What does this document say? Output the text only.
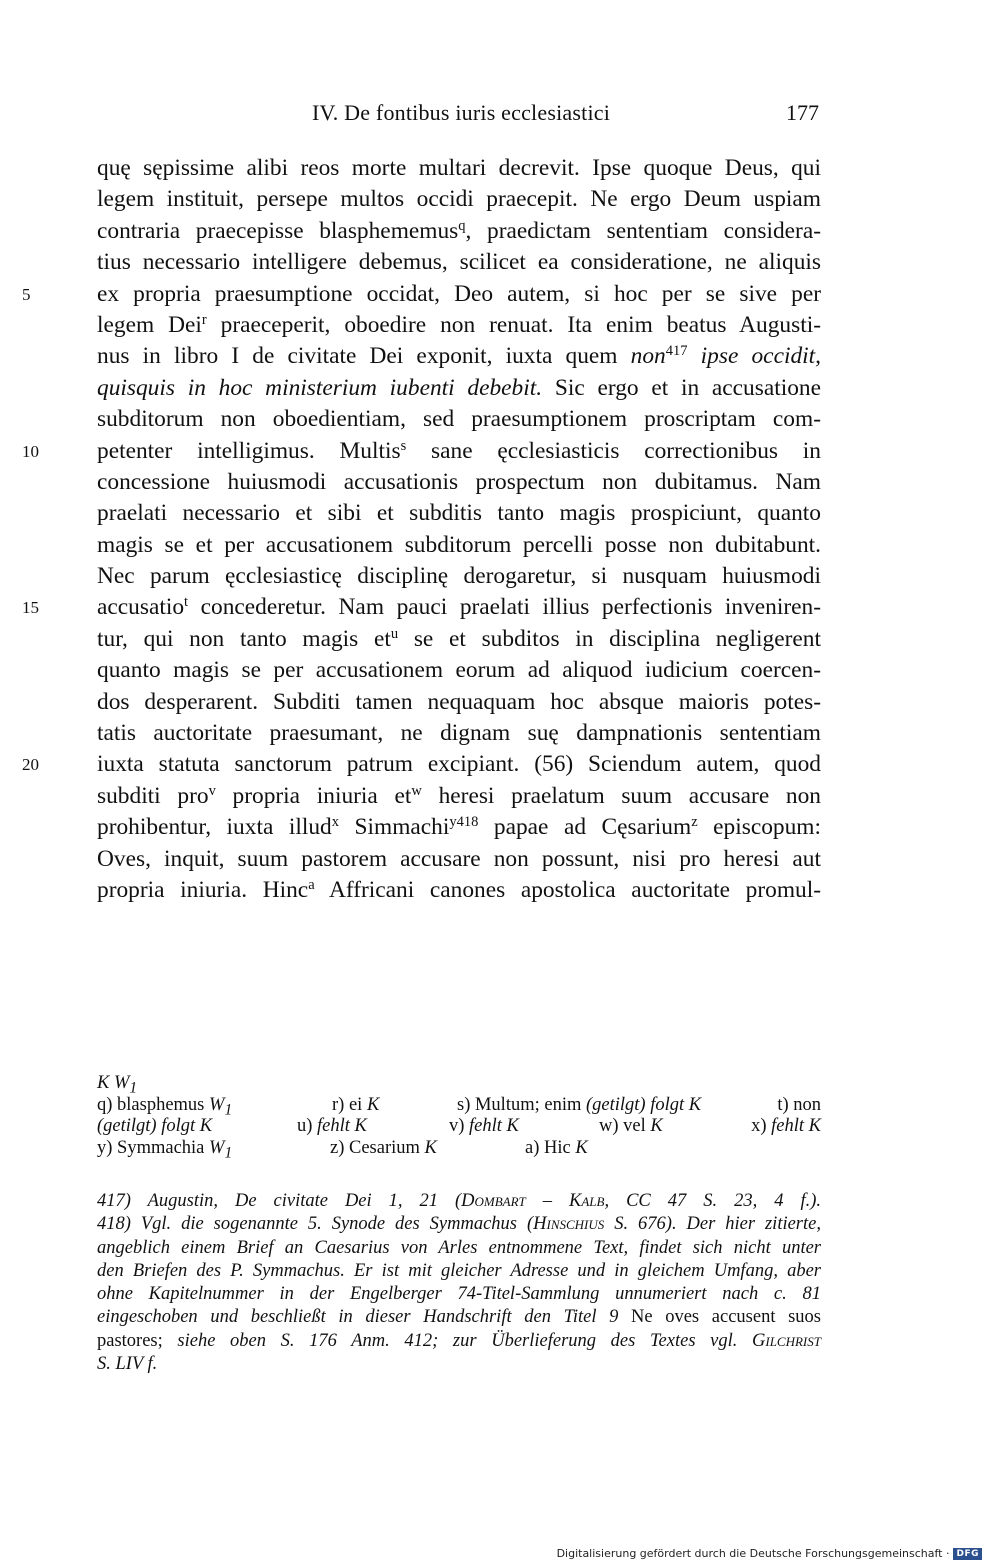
IV. De fontibus iuris ecclesiastici	177
quę sępissime alibi reos morte multari decrevit. Ipse quoque Deus, qui
legem instituit, persepe multos occidi praecepit. Ne ergo Deum uspiam
contraria praecepisse blasphememus$^q$, praedictam sententiam considera-
tius necessario intelligere debemus, scilicet ea consideratione, ne aliquis
5	ex propria praesumptione occidat, Deo autem, si hoc per se sive per
legem Dei$^r$ praeceperit, oboedire non renuat. Ita enim beatus Augusti-
nus in libro I de civitate Dei exponit, iuxta quem non$^{417}$ ipse occidit,
quisquis in hoc ministerium iubenti debebit. Sic ergo et in accusatione
subditorum non oboedientiam, sed praesumptionem proscriptam com-
10	petenter intelligimus. Multis$^s$ sane ęcclesiasticis correctionibus in
concessione huiusmodi accusationis prospectum non dubitamus. Nam
praelati necessario et sibi et subditis tanto magis prospiciunt, quanto
magis se et per accusationem subditorum percelli posse non dubitabunt.
Nec parum ęcclesiasticę disciplinę derogaretur, si nusquam huiusmodi
15	accusatio$^t$ concederetur. Nam pauci praelati illius perfectionis inveniren-
tur, qui non tanto magis $et^u$ se et subditos in disciplina negligerent
quanto magis se per accusationem eorum ad aliquod iudicium coercen-
dos desperarent. Subditi tamen nequaquam hoc absque maioris potes-
tatis auctoritate praesumant, ne dignam suę dampnationis sententiam
20	iuxta statuta sanctorum patrum excipiant. (56) Sciendum autem, quod
subditi pro$^v$ propria iniuria $et^w$ heresi praelatum suum accusare non
prohibentur, iuxta illud$^x$ Simmachi$^{y418}$ papae ad Cęsarium$^z$ episcopum:
Oves, inquit, suum pastorem accusare non possunt, nisi pro heresi aut
propria iniuria. Hinc$^a$ Affricani canones apostolica auctoritate promul-
K $W_1$
q) blasphemus $W_1$	r) ei K	s) Multum; enim (getilgt) folgt K	t) non
(getilgt) folgt K	u) fehlt K	v) fehlt K	w) vel K	x) fehlt K
y) Symmachia $W_1$	z) Cesarium K	a) Hic K
417) Augustin, De civitate Dei 1, 21 (Dombart – Kalb, CC 47 S. 23, 4 f.).
418) Vgl. die sogenannte 5. Synode des Symmachus (Hinschius S. 676). Der hier zitierte,
angeblich einem Brief an Caesarius von Arles entnommene Text, findet sich nicht unter
den Briefen des P. Symmachus. Er ist mit gleicher Adresse und in gleichem Umfang, aber
ohne Kapitelnummer in der Engelberger 74-Titel-Sammlung unnumeriert nach c. 81
eingeschoben und beschließt in dieser Handschrift den Titel 9 Ne oves accusent suos
pastores; siehe oben S. 176 Anm. 412; zur Überlieferung des Textes vgl. Gilchrist
S. LIV f.
Digitalisierung gefördert durch die Deutsche Forschungsgemeinschaft · DFG
